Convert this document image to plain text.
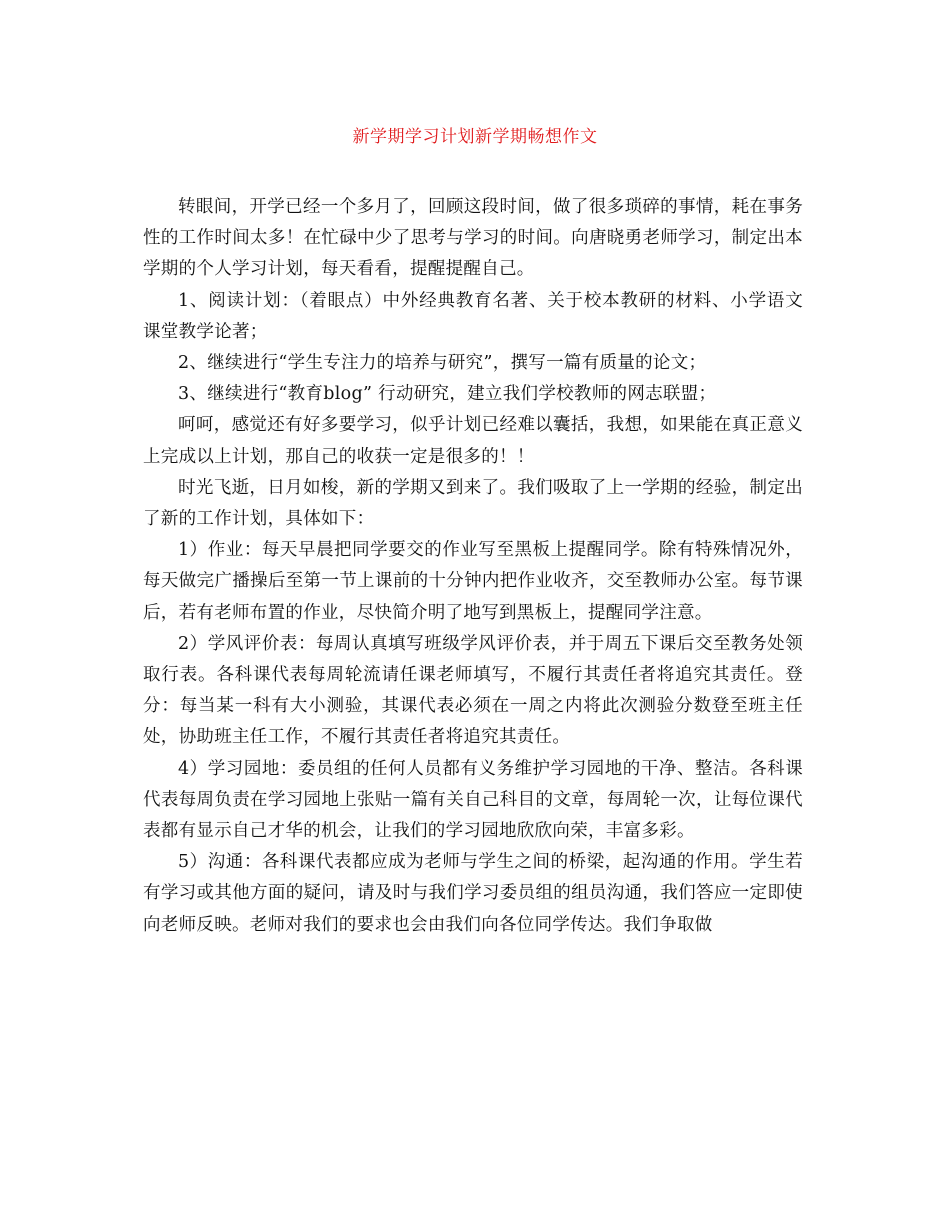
新学期学习计划新学期畅想作文

转眼间，开学已经一个多月了，回顾这段时间，做了很多琐碎的事情，耗在事务性的工作时间太多！在忙碌中少了思考与学习的时间。向唐晓勇老师学习，制定出本学期的个人学习计划，每天看看，提醒提醒自己。

1、阅读计划：（着眼点）中外经典教育名著、关于校本教研的材料、小学语文课堂教学论著；

2、继续进行“学生专注力的培养与研究”，撰写一篇有质量的论文；

3、继续进行“教育blog” 行动研究，建立我们学校教师的网志联盟；

呵呵，感觉还有好多要学习，似乎计划已经难以囊括，我想，如果能在真正意义上完成以上计划，那自己的收获一定是很多的！！

时光飞逝，日月如梭，新的学期又到来了。我们吸取了上一学期的经验，制定出了新的工作计划，具体如下：

1）作业：每天早晨把同学要交的作业写至黑板上提醒同学。除有特殊情况外，每天做完广播操后至第一节上课前的十分钟内把作业收齐，交至教师办公室。每节课后，若有老师布置的作业，尽快简介明了地写到黑板上，提醒同学注意。

2）学风评价表：每周认真填写班级学风评价表，并于周五下课后交至教务处领取行表。各科课代表每周轮流请任课老师填写，不履行其责任者将追究其责任。登分：每当某一科有大小测验，其课代表必须在一周之内将此次测验分数登至班主任处，协助班主任工作，不履行其责任者将追究其责任。

4）学习园地：委员组的任何人员都有义务维护学习园地的干净、整洁。各科课代表每周负责在学习园地上张贴一篇有关自己科目的文章，每周轮一次，让每位课代表都有显示自己才华的机会，让我们的学习园地欣欣向荣，丰富多彩。

5）沟通：各科课代表都应成为老师与学生之间的桥梁，起沟通的作用。学生若有学习或其他方面的疑问，请及时与我们学习委员组的组员沟通，我们答应一定即使向老师反映。老师对我们的要求也会由我们向各位同学传达。我们争取做
